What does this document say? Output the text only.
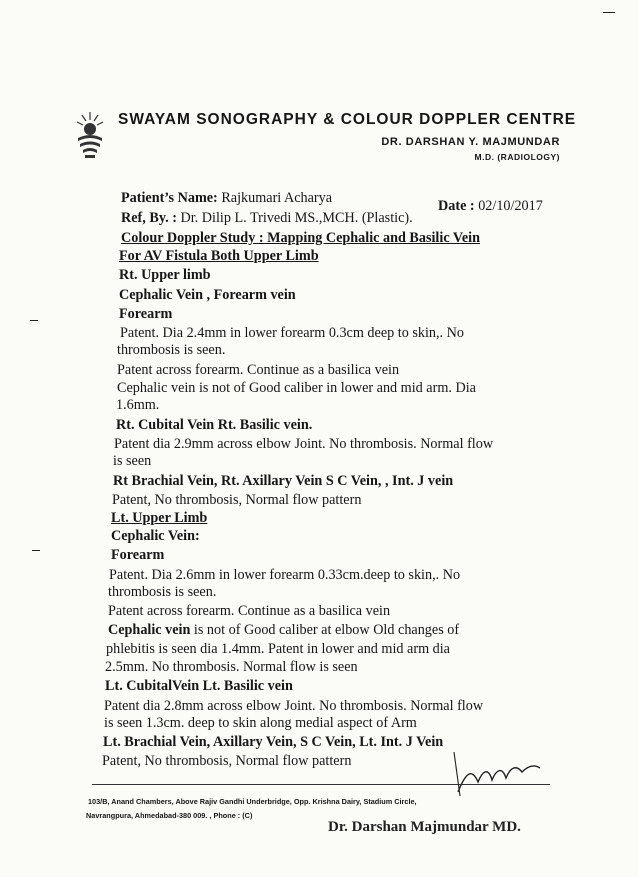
SWAYAM SONOGRAPHY & COLOUR DOPPLER CENTRE
DR. DARSHAN Y. MAJMUNDAR
M.D. (RADIOLOGY)
Patient’s Name: Rajkumari Acharya	Date : 02/10/2017
Ref, By. : Dr. Dilip L. Trivedi MS.,MCH. (Plastic).
Colour Doppler Study : Mapping Cephalic and Basilic Vein
For AV Fistula Both Upper Limb
Rt. Upper limb
Cephalic Vein , Forearm vein
Forearm
Patent. Dia 2.4mm in lower forearm 0.3cm deep to skin,. No
thrombosis is seen.
Patent across forearm. Continue as a basilica vein
Cephalic vein is not of Good caliber in lower and mid arm. Dia
1.6mm.
Rt. Cubital Vein Rt. Basilic vein.
Patent dia 2.9mm across elbow Joint. No thrombosis. Normal flow
is seen
Rt Brachial Vein, Rt. Axillary Vein S C Vein, , Int. J vein
Patent, No thrombosis, Normal flow pattern
Lt. Upper Limb
Cephalic Vein:
Forearm
Patent. Dia 2.6mm in lower forearm 0.33cm.deep to skin,. No
thrombosis is seen.
Patent across forearm. Continue as a basilica vein
Cephalic vein is not of Good caliber at elbow Old changes of
phlebitis is seen dia 1.4mm. Patent in lower and mid arm dia
2.5mm. No thrombosis. Normal flow is seen
Lt. CubitalVein Lt. Basilic vein
Patent dia 2.8mm across elbow Joint. No thrombosis. Normal flow
is seen 1.3cm. deep to skin along medial aspect of Arm
Lt. Brachial Vein, Axillary Vein, S C Vein, Lt. Int. J Vein
Patent, No thrombosis, Normal flow pattern
103/B, Anand Chambers, Above Rajiv Gandhi Underbridge, Opp. Krishna Dairy, Stadium Circle,
Navrangpura, Ahmedabad-380 009. , Phone : (C)
Dr. Darshan Majmundar MD.
